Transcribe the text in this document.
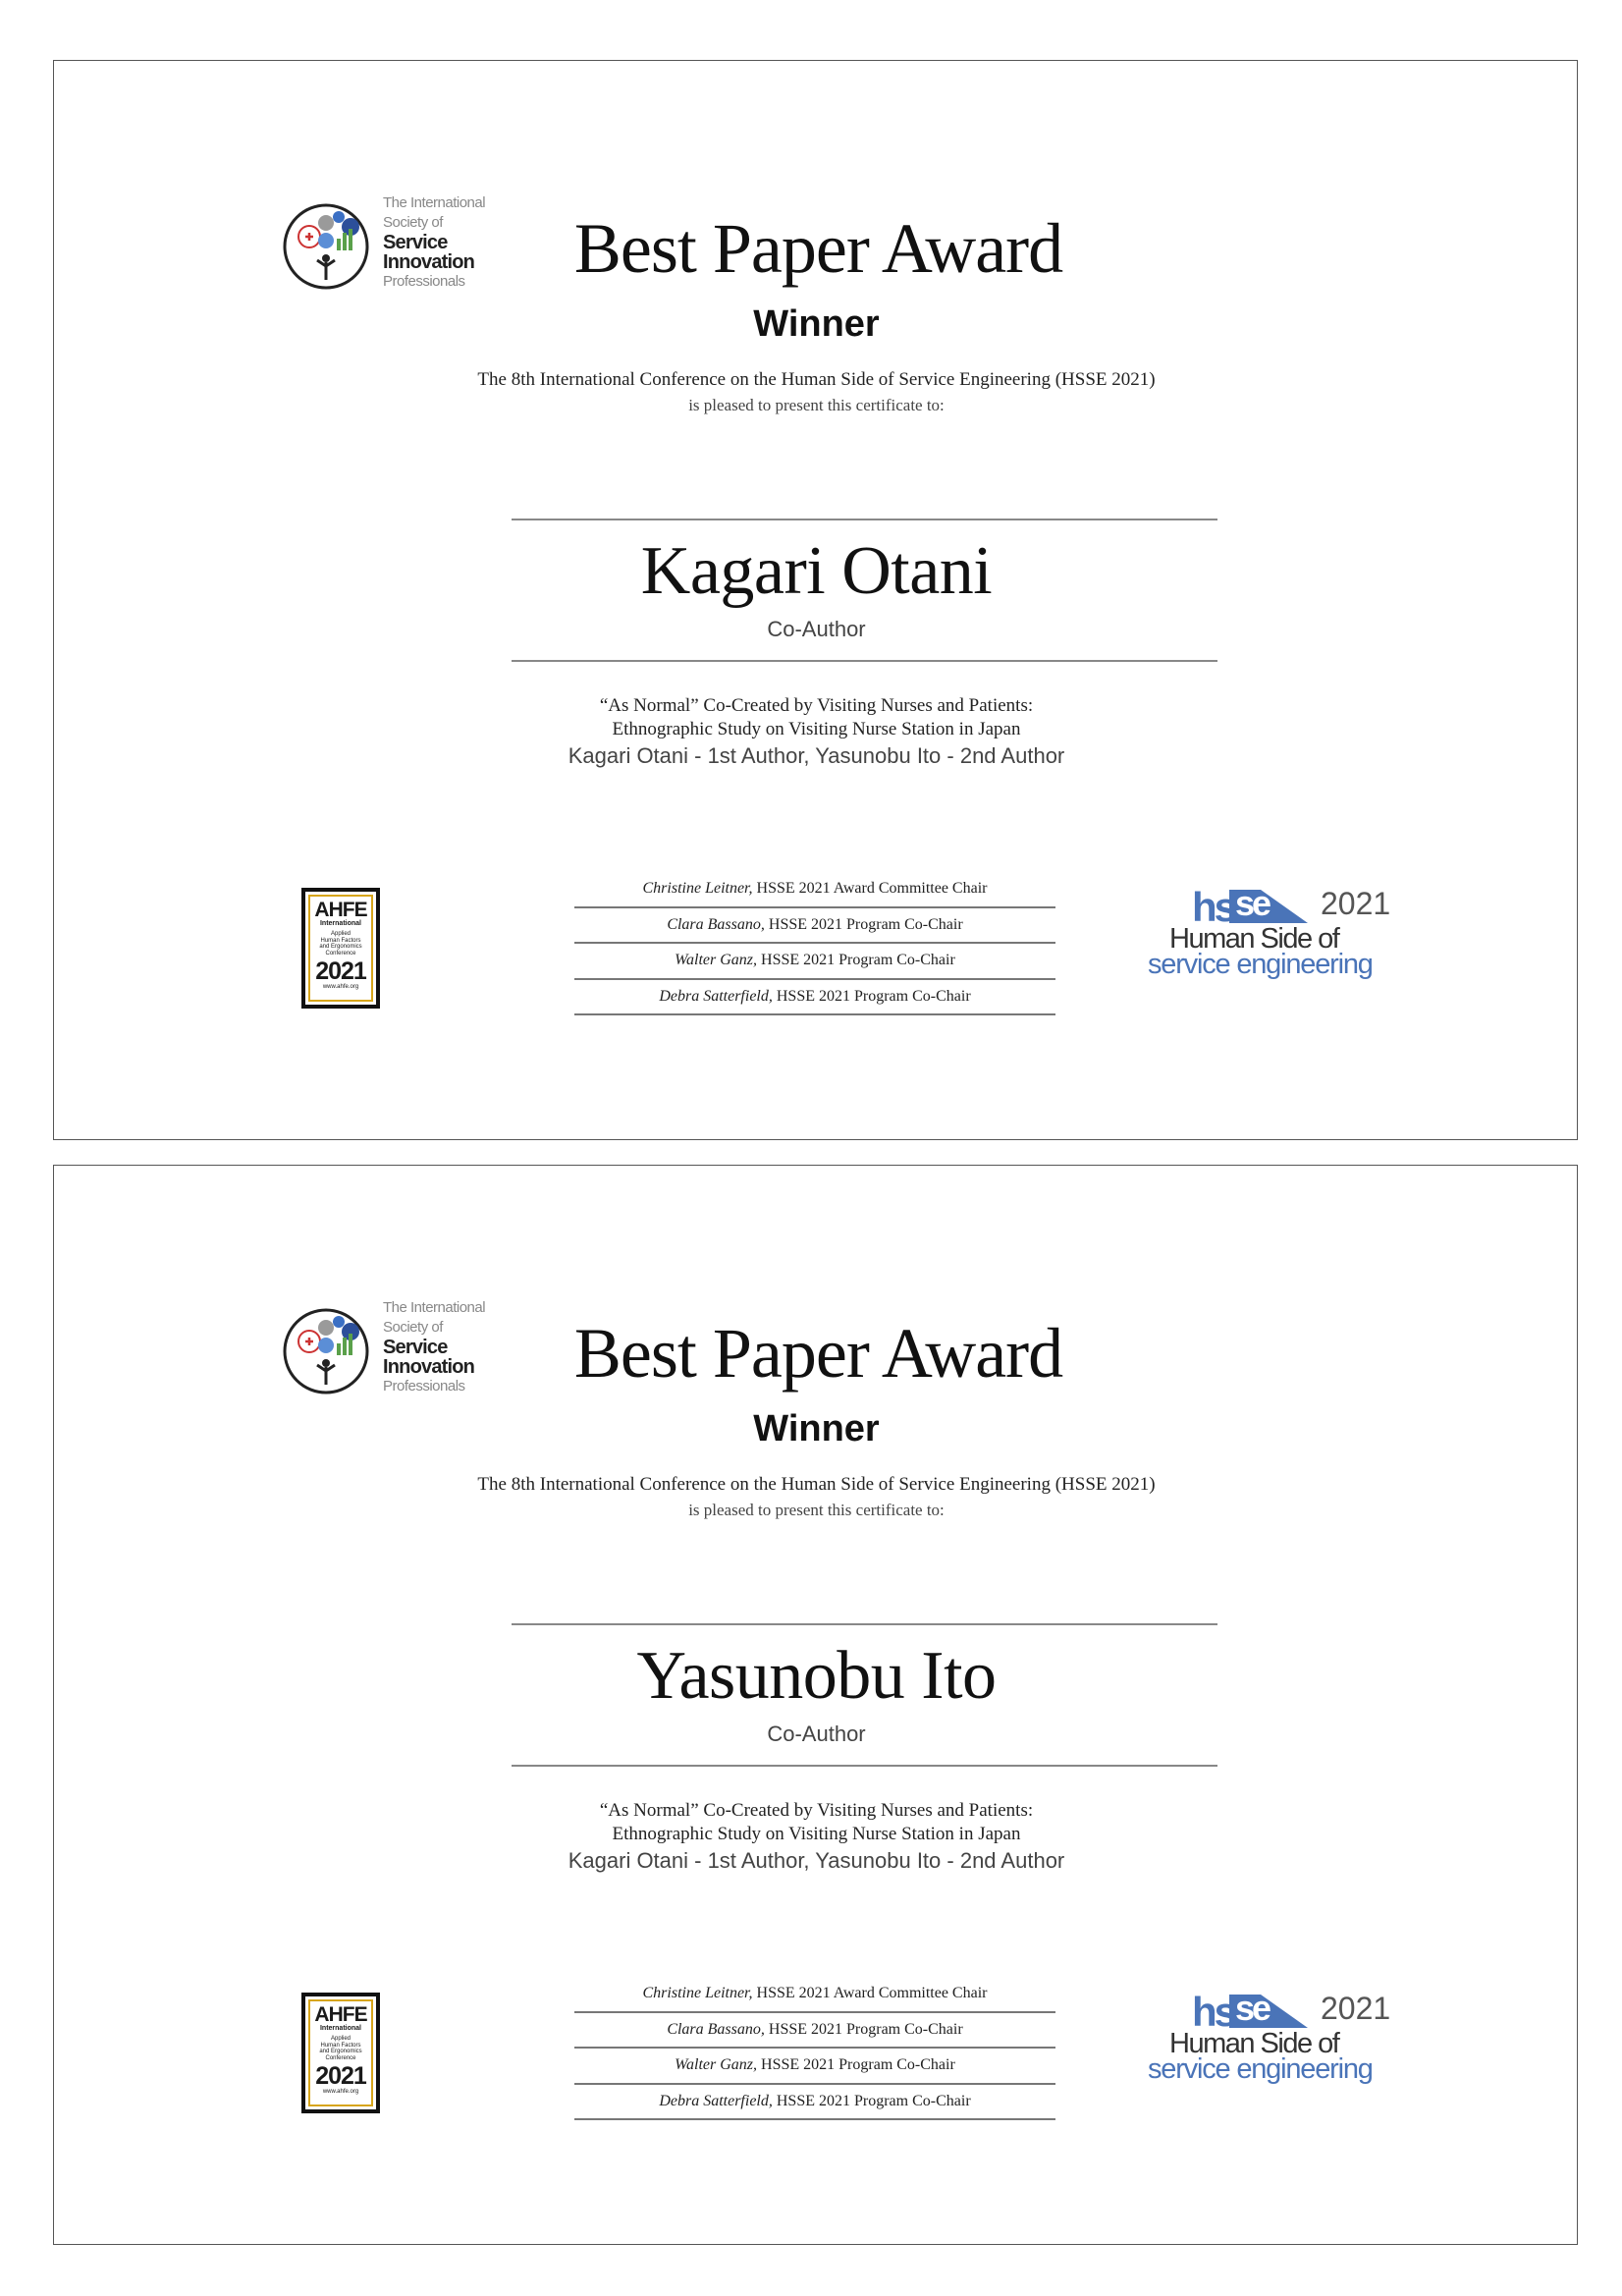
The International
Society of
Service
Innovation
Professionals	Best Paper Award
Winner
The 8th International Conference on the Human Side of Service Engineering (HSSE 2021)
is pleased to present this certificate to:
Kagari Otani
Co-Author
“As Normal” Co-Created by Visiting Nurses and Patients:
Ethnographic Study on Visiting Nurse Station in Japan
Kagari Otani - 1st Author, Yasunobu Ito - 2nd Author
AHFE
International
Applied
Human Factors
and Ergonomics
Conference
2021
www.ahfe.org
Christine Leitner, HSSE 2021 Award Committee Chair
Clara Bassano, HSSE 2021 Program Co-Chair
Walter Ganz, HSSE 2021 Program Co-Chair
Debra Satterfield, HSSE 2021 Program Co-Chair
hs se 2021
Human Side of
service engineering
The International
Society of
Service
Innovation
Professionals	Best Paper Award
Winner
The 8th International Conference on the Human Side of Service Engineering (HSSE 2021)
is pleased to present this certificate to:
Yasunobu Ito
Co-Author
“As Normal” Co-Created by Visiting Nurses and Patients:
Ethnographic Study on Visiting Nurse Station in Japan
Kagari Otani - 1st Author, Yasunobu Ito - 2nd Author
AHFE
International
Applied
Human Factors
and Ergonomics
Conference
2021
www.ahfe.org
Christine Leitner, HSSE 2021 Award Committee Chair
Clara Bassano, HSSE 2021 Program Co-Chair
Walter Ganz, HSSE 2021 Program Co-Chair
Debra Satterfield, HSSE 2021 Program Co-Chair
hs se 2021
Human Side of
service engineering
